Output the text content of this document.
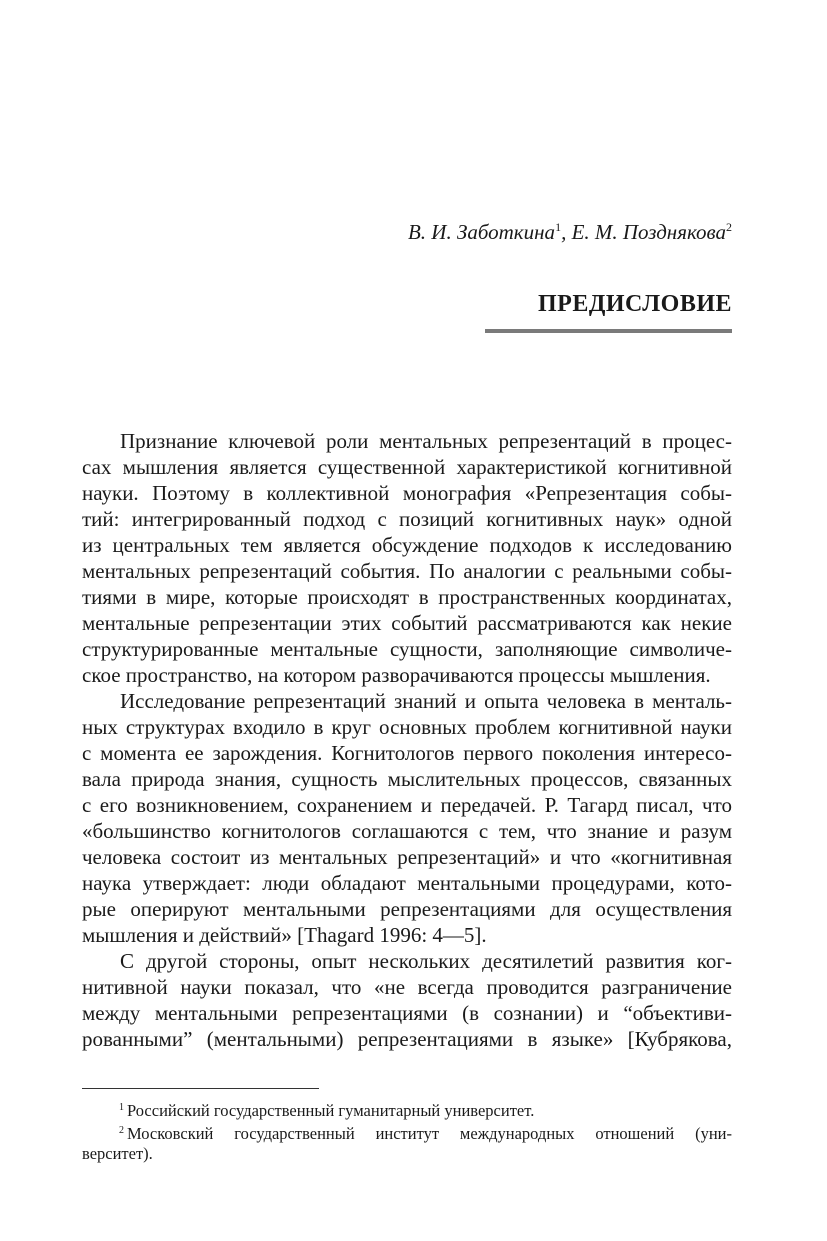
В. И. Заботкина$^1$, Е. М. Позднякова$^2$
ПРЕДИСЛОВИЕ
Признание ключевой роли ментальных репрезентаций в процес-
сах мышления является существенной характеристикой когнитивной
науки. Поэтому в коллективной монография «Репрезентация собы-
тий: интегрированный подход с позиций когнитивных наук» одной
из центральных тем является обсуждение подходов к исследованию
ментальных репрезентаций события. По аналогии с реальными собы-
тиями в мире, которые происходят в пространственных координатах,
ментальные репрезентации этих событий рассматриваются как некие
структурированные ментальные сущности, заполняющие символиче-
ское пространство, на котором разворачиваются процессы мышления.
Исследование репрезентаций знаний и опыта человека в менталь-
ных структурах входило в круг основных проблем когнитивной науки
с момента ее зарождения. Когнитологов первого поколения интересо-
вала природа знания, сущность мыслительных процессов, связанных
с его возникновением, сохранением и передачей. Р. Тагард писал, что
«большинство когнитологов соглашаются с тем, что знание и разум
человека состоит из ментальных репрезентаций» и что «когнитивная
наука утверждает: люди обладают ментальными процедурами, кото-
рые оперируют ментальными репрезентациями для осуществления
мышления и действий» [Thagard 1996: 4—5].
С другой стороны, опыт нескольких десятилетий развития ког-
нитивной науки показал, что «не всегда проводится разграничение
между ментальными репрезентациями (в сознании) и “объективи-
рованными” (ментальными) репрезентациями в языке» [Кубрякова,
$^1$ Российский государственный гуманитарный университет.
$^2$ Московский государственный институт международных отношений (уни-
верситет).
